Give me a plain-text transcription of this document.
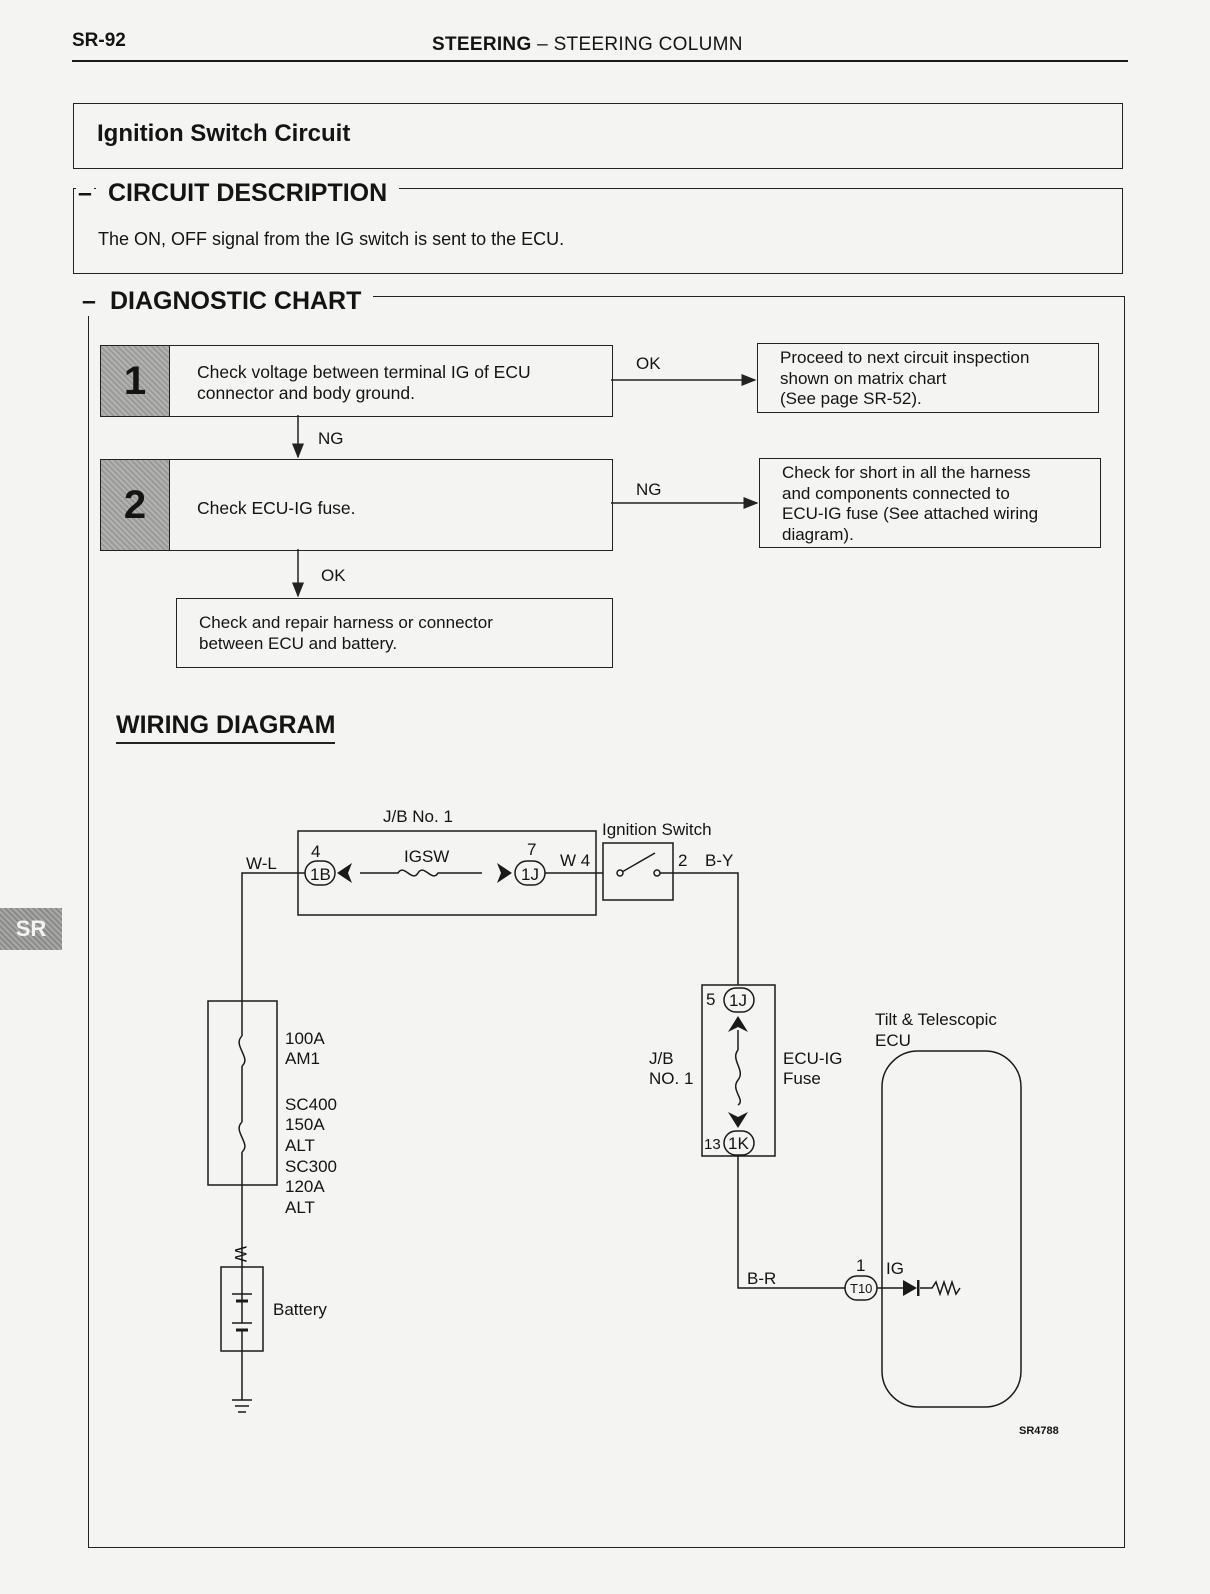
SR-92	STEERING – STEERING COLUMN
Ignition Switch Circuit
CIRCUIT DESCRIPTION
–
The ON, OFF signal from the IG switch is sent to the ECU.
DIAGNOSTIC CHART
–
1	Check voltage between terminal IG of ECU
connector and body ground.
2	Check ECU-IG fuse.
Proceed to next circuit inspection
shown on matrix chart
(See page SR-52).
Check for short in all the harness
and components connected to
ECU-IG fuse (See attached wiring
diagram).
Check and repair harness or connector
between ECU and battery.
OK
NG
NG
OK
WIRING DIAGRAM
J/B No. 1
Ignition Switch
W-L
4
1B
IGSW	7
1J
W 4	2 B-Y
100A
AM1
SC400
150A
ALT
SC300
120A
ALT
W
Battery
5 1J
J/B
NO. 1
ECU-IG
Fuse
13 1K
B-R
Tilt & Telescopic
ECU
1 IG
T10
SR4788
SR
